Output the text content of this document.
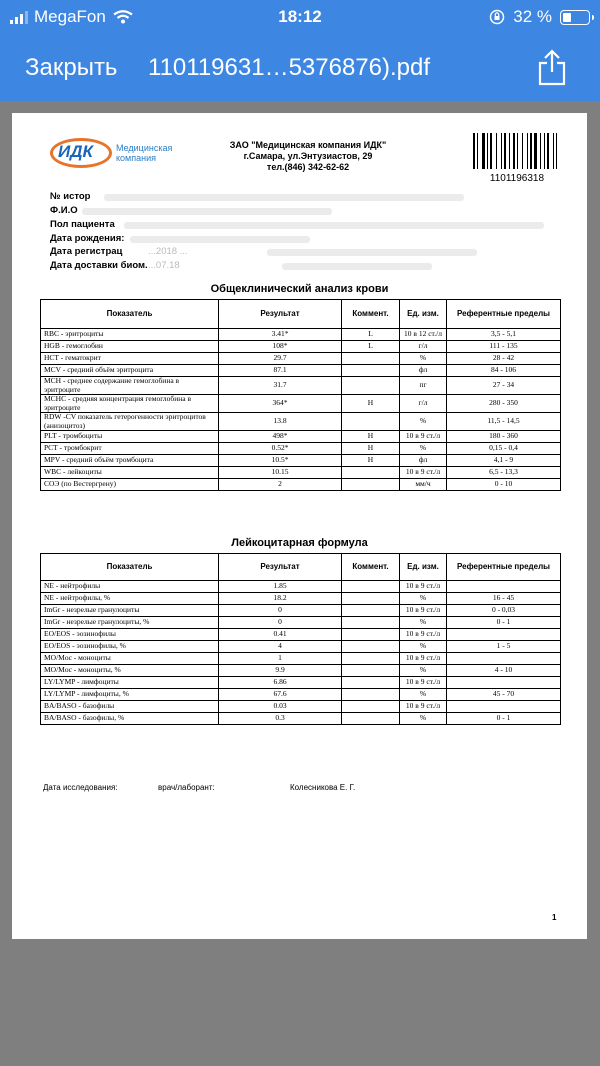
MegaFon	18:12	32 %
Закрыть 110119631…5376876).pdf
ИДК	Медицинская
компания
ЗАО "Медицинская компания ИДК"
г.Самара, ул.Энтузиастов, 29
тел.(846) 342-62-62
1101196318
№ истор
Ф.И.О
Пол пациента
Дата рождения:
Дата регистрац	...2018 ...
Дата доставки биом. ...07.18
Общеклинический анализ крови
Показатель	Результат	Коммент.	Ед. изм.	Референтные пределы
RBC - эритроциты	3.41*	L	10 в 12 ст./л	3,5 - 5,1
HGB - гемоглобин	108*	L	г/л	111 - 135
HCT - гематокрит	29.7		%	28 - 42
MCV - средний объём эритроцита	87.1		фл	84 - 106
MCH - среднее содержание гемоглобина в эритроците	31.7		пг	27 - 34
MCHC - средняя концентрация гемоглобина в эритроците	364*	H	г/л	280 - 350
RDW -CV показатель гетерогенности эритроцитов (анизоцитоз)	13.8		%	11,5 - 14,5
PLT - тромбоциты	498*	H	10 в 9 ст./л	180 - 360
PCT - тромбокрит	0.52*	H	%	0,15 - 0,4
MPV - средний объём тромбоцита	10.5*	H	фл	4,1 - 9
WBC - лейкоциты	10.15		10 в 9 ст./л	6,5 - 13,3
СОЭ (по Вестергрену)	2		мм/ч	0 - 10
Лейкоцитарная формула
Показатель	Результат	Коммент.	Ед. изм.	Референтные пределы
NE - нейтрофилы	1.85		10 в 9 ст./л	
NE - нейтрофилы, %	18.2		%	16 - 45
ImGr - незрелые гранулоциты	0		10 в 9 ст./л	0 - 0,03
ImGr - незрелые гранулоциты, %	0		%	0 - 1
EO/EOS - эозинофилы	0.41		10 в 9 ст./л	
EO/EOS - эозинофилы, %	4		%	1 - 5
MO/Moc - моноциты	1		10 в 9 ст./л	
MO/Moc - моноциты, %	9.9		%	4 - 10
LY/LYMP - лимфоциты	6.86		10 в 9 ст./л	
LY/LYMP - лимфоциты, %	67.6		%	45 - 70
BA/BASO - базофилы	0.03		10 в 9 ст./л	
BA/BASO - базофилы, %	0.3		%	0 - 1
Дата исследования:	врач/лаборант:	Колесникова Е. Г.
1
